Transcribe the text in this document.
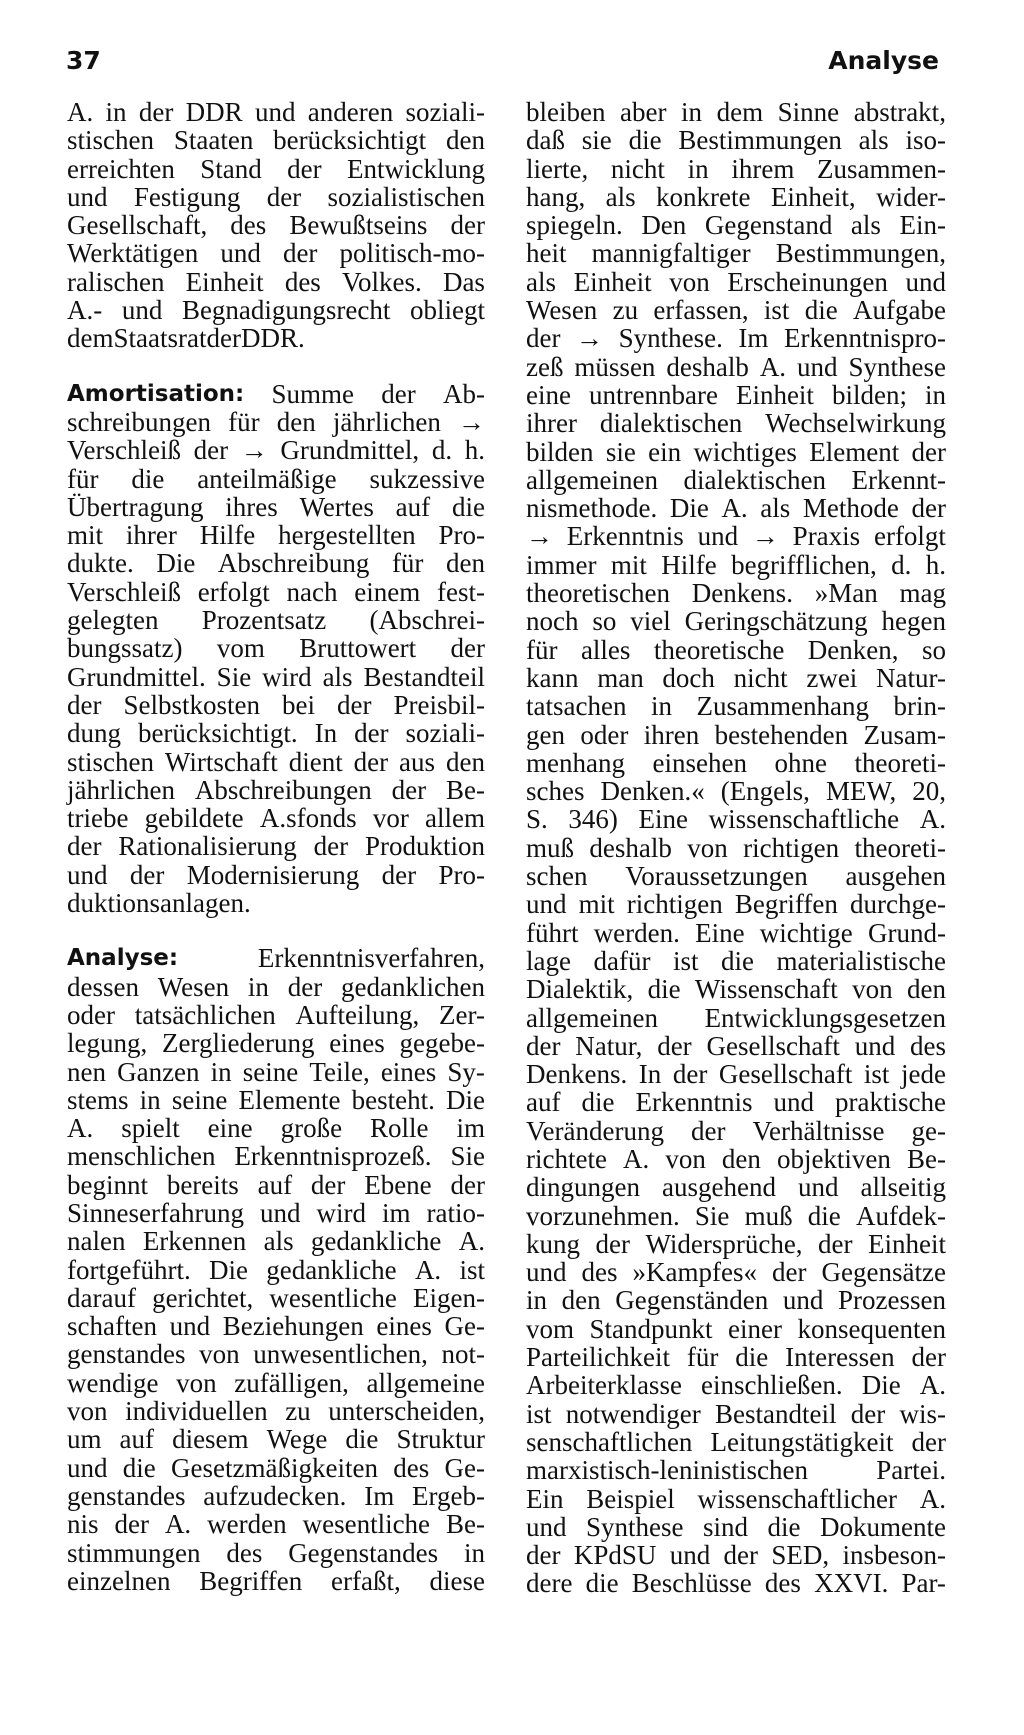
37	Analyse
A. in der DDR und anderen soziali-
stischen Staaten berücksichtigt den
erreichten Stand der Entwicklung
und Festigung der sozialistischen
Gesellschaft, des Bewußtseins der
Werktätigen und der politisch-mo-
ralischen Einheit des Volkes. Das
A.- und Begnadigungsrecht obliegt
dem Staatsrat der DDR.
Amortisation: Summe der Ab-
schreibungen für den jährlichen →
Verschleiß der → Grundmittel, d. h.
für die anteilmäßige sukzessive
Übertragung ihres Wertes auf die
mit ihrer Hilfe hergestellten Pro-
dukte. Die Abschreibung für den
Verschleiß erfolgt nach einem fest-
gelegten Prozentsatz (Abschrei-
bungssatz) vom Bruttowert der
Grundmittel. Sie wird als Bestandteil
der Selbstkosten bei der Preisbil-
dung berücksichtigt. In der soziali-
stischen Wirtschaft dient der aus den
jährlichen Abschreibungen der Be-
triebe gebildete A.sfonds vor allem
der Rationalisierung der Produktion
und der Modernisierung der Pro-
duktionsanlagen.
Analyse:	Erkenntnisverfahren,
dessen Wesen in der gedanklichen
oder tatsächlichen Aufteilung, Zer-
legung, Zergliederung eines gegebe-
nen Ganzen in seine Teile, eines Sy-
stems in seine Elemente besteht. Die
A. spielt eine große Rolle im
menschlichen Erkenntnisprozeß. Sie
beginnt bereits auf der Ebene der
Sinneserfahrung und wird im ratio-
nalen Erkennen als gedankliche A.
fortgeführt. Die gedankliche A. ist
darauf gerichtet, wesentliche Eigen-
schaften und Beziehungen eines Ge-
genstandes von unwesentlichen, not-
wendige von zufälligen, allgemeine
von individuellen zu unterscheiden,
um auf diesem Wege die Struktur
und die Gesetzmäßigkeiten des Ge-
genstandes aufzudecken. Im Ergeb-
nis der A. werden wesentliche Be-
stimmungen des Gegenstandes in
einzelnen Begriffen erfaßt, diese
bleiben aber in dem Sinne abstrakt,
daß sie die Bestimmungen als iso-
lierte, nicht in ihrem Zusammen-
hang, als konkrete Einheit, wider-
spiegeln. Den Gegenstand als Ein-
heit mannigfaltiger Bestimmungen,
als Einheit von Erscheinungen und
Wesen zu erfassen, ist die Aufgabe
der → Synthese. Im Erkenntnispro-
zeß müssen deshalb A. und Synthese
eine untrennbare Einheit bilden; in
ihrer dialektischen Wechselwirkung
bilden sie ein wichtiges Element der
allgemeinen dialektischen Erkennt-
nismethode. Die A. als Methode der
→ Erkenntnis und → Praxis erfolgt
immer mit Hilfe begrifflichen, d. h.
theoretischen Denkens. »Man mag
noch so viel Geringschätzung hegen
für alles theoretische Denken, so
kann man doch nicht zwei Natur-
tatsachen in Zusammenhang brin-
gen oder ihren bestehenden Zusam-
menhang einsehen ohne theoreti-
sches Denken.« (Engels, MEW, 20,
S. 346) Eine wissenschaftliche A.
muß deshalb von richtigen theoreti-
schen Voraussetzungen ausgehen
und mit richtigen Begriffen durchge-
führt werden. Eine wichtige Grund-
lage dafür ist die materialistische
Dialektik, die Wissenschaft von den
allgemeinen Entwicklungsgesetzen
der Natur, der Gesellschaft und des
Denkens. In der Gesellschaft ist jede
auf die Erkenntnis und praktische
Veränderung der Verhältnisse ge-
richtete A. von den objektiven Be-
dingungen ausgehend und allseitig
vorzunehmen. Sie muß die Aufdek-
kung der Widersprüche, der Einheit
und des »Kampfes« der Gegensätze
in den Gegenständen und Prozessen
vom Standpunkt einer konsequenten
Parteilichkeit für die Interessen der
Arbeiterklasse einschließen. Die A.
ist notwendiger Bestandteil der wis-
senschaftlichen Leitungstätigkeit der
marxistisch-leninistischen	Partei.
Ein Beispiel wissenschaftlicher A.
und Synthese sind die Dokumente
der KPdSU und der SED, insbeson-
dere die Beschlüsse des XXVI. Par-
